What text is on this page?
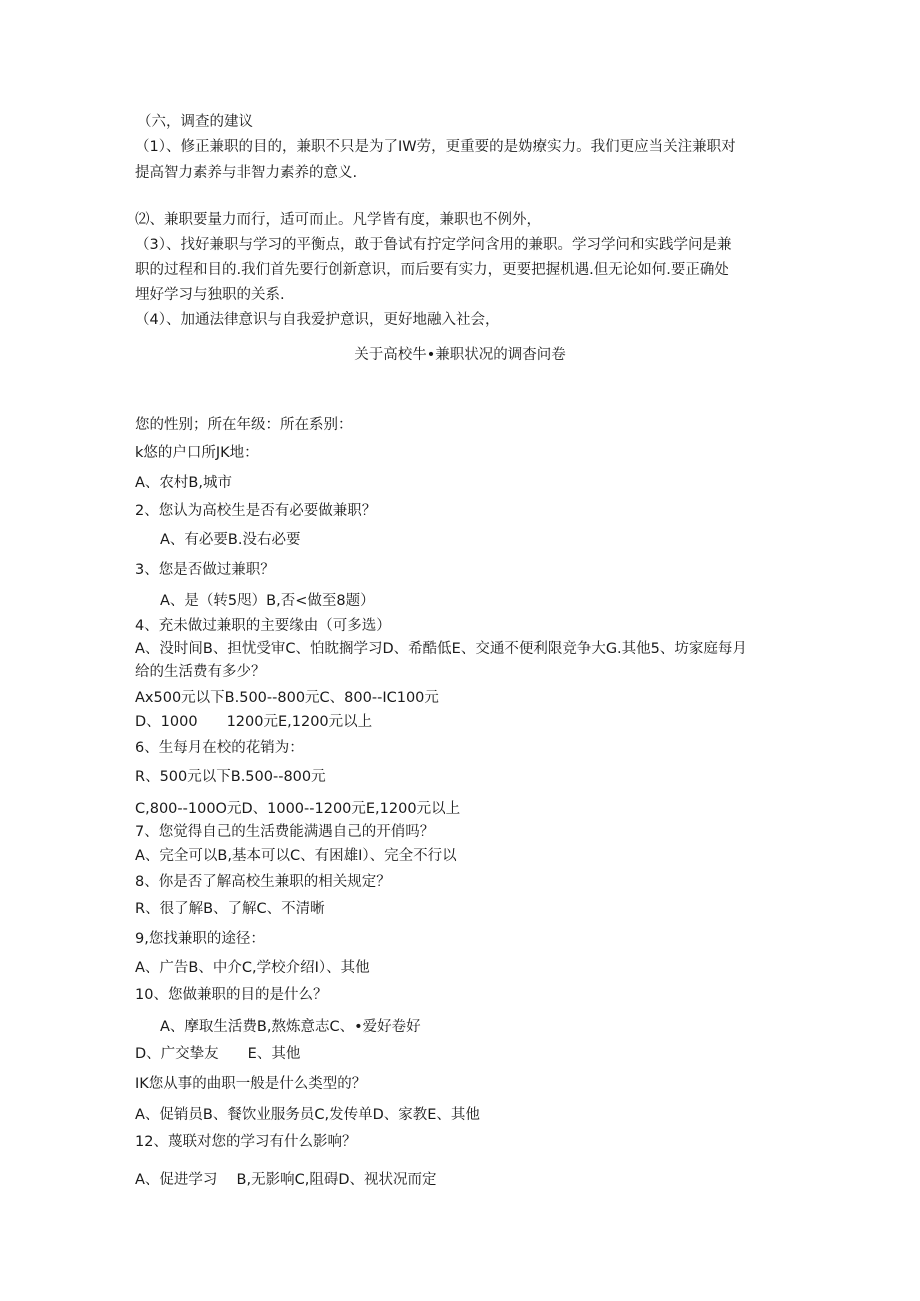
（六，调查的建议
（1）、修正兼职的目的，兼职不只是为了IW劳，更重要的是妫療实力。我们更应当关注兼职对
提高智力素养与非智力素养的意义.
⑵、兼职要量力而行，适可而止。凡学皆有度，兼职也不例外，
（3）、找好兼职与学习的平衡点，敢于鲁试有拧定学问含用的兼职。学习学问和实践学问是兼
职的过程和目的.我们首先要行创新意识，而后要有实力，更要把握机遇.但无论如何.要正确处
埋好学习与独职的关系.
（4）、加通法律意识与自我爱护意识，更好地融入社会，
关于高校牛•兼职状况的调杳问卷
您的性别；所在年级：所在系别：
k悠的户口所JK地：
A、农村B,城市
2、您认为高校生是否有必要做兼职？
A、有必要B.没右必要
3、您是否做过兼职？
A、是（转5咫）B,否<做至8题）
4、充未做过兼职的主要缘由（可多选）
A、没时间B、担忧受审C、怕眈搁学习D、希酷低E、交通不便利限竞争大G.其他5、坊家庭每月
给的生活费有多少？
Ax500元以下B.500--800元C、800--IC100元
D、1000　　1200元E,1200元以上
6、生每月在校的花销为：
R、500元以下B.500--800元
C,800--100O元D、1000--1200元E,1200元以上
7、您觉得自己的生活费能满遇自己的开俏吗？
A、完全可以B,基本可以C、有困雄I）、完全不行以
8、你是否了解高校生兼职的相关规定？
R、很了解B、了解C、不清晰
9,您找兼职的途径：
A、广告B、中介C,学校介绍I）、其他
10、您做兼职的目的是什么？
A、摩取生活费B,熬炼意志C、•爱好卷好
D、广交挚友　　E、其他
IK您从事的曲职一般是什么类型的？
A、促销员B、餐饮业服务员C,发传单D、家教E、其他
12、蔑联对您的学习有什么影响？
A、促进学习　 B,无影响C,阻碍D、视状况而定
